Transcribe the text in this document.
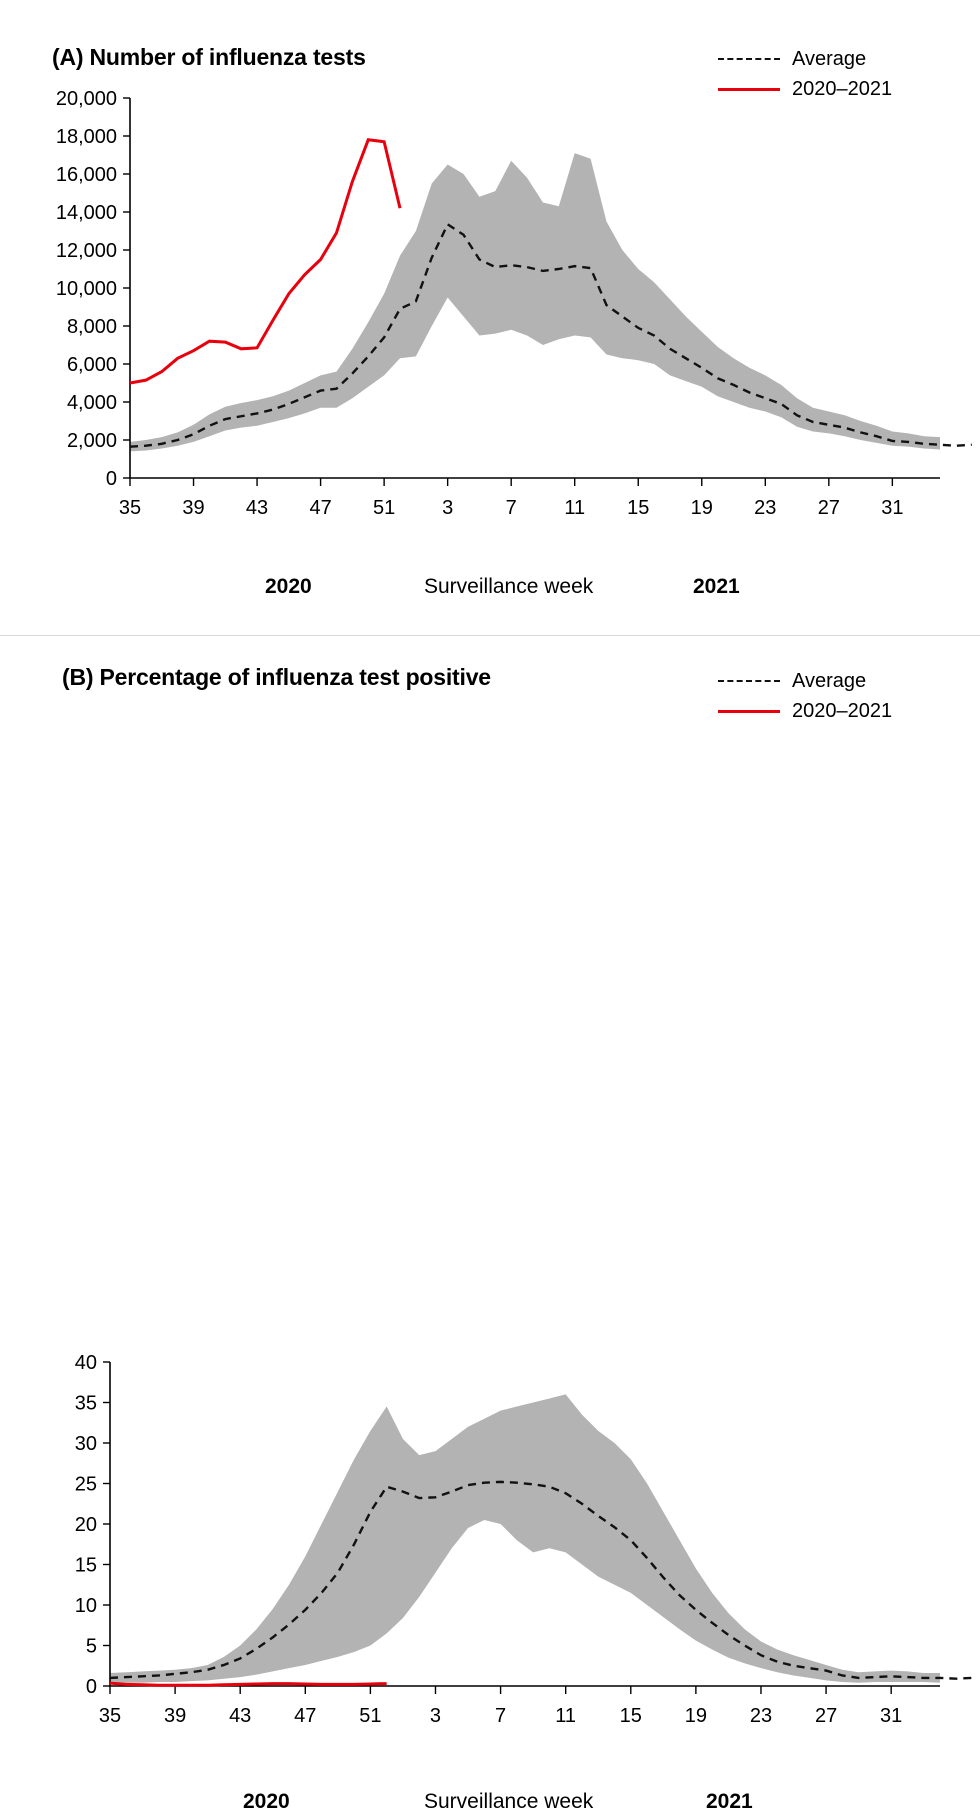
(A) Number of influenza tests	Average
2020–2021
0
2,000
4,000
6,000
8,000
10,000
12,000
14,000
16,000
18,000
20,000
35 39 43 47 51 3	7 11 15 19 23 27 31
2020	Surveillance week	2021
(B) Percentage of influenza test positive	Average
2020–2021
0
5
10
15
20
25
30
35
40
35 39 43 47 51 3	7 11 15 19 23 27 31
2020	Surveillance week	2021
